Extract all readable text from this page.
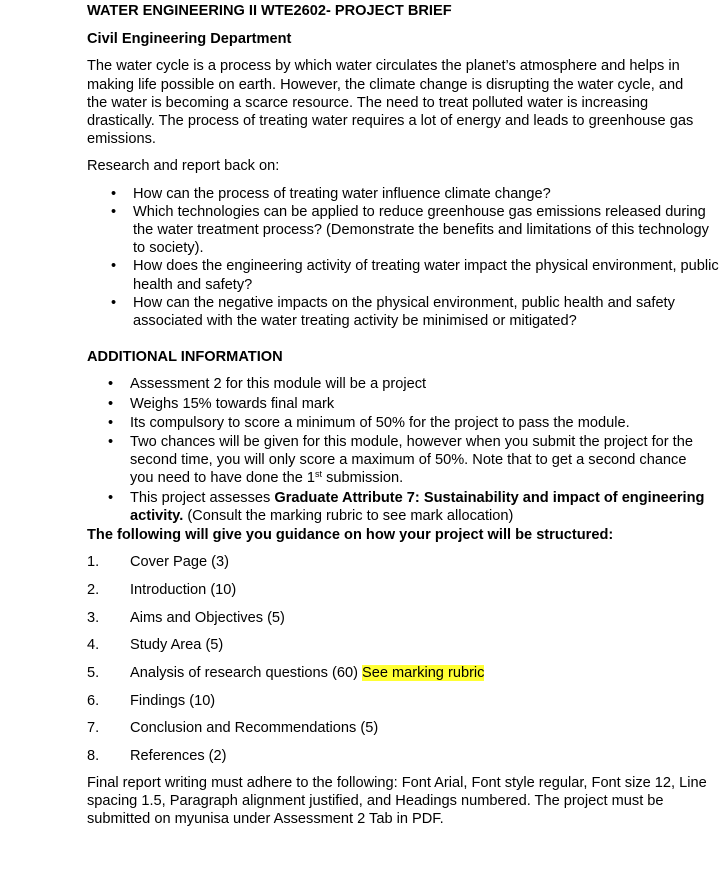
WATER ENGINEERING II WTE2602- PROJECT BRIEF
Civil Engineering Department
The water cycle is a process by which water circulates the planet’s atmosphere and helps in making life possible on earth. However, the climate change is disrupting the water cycle, and the water is becoming a scarce resource. The need to treat polluted water is increasing drastically. The process of treating water requires a lot of energy and leads to greenhouse gas emissions.
Research and report back on:
• How can the process of treating water influence climate change?
• Which technologies can be applied to reduce greenhouse gas emissions released during the water treatment process? (Demonstrate the benefits and limitations of this technology to society).
• How does the engineering activity of treating water impact the physical environment, public health and safety?
• How can the negative impacts on the physical environment, public health and safety associated with the water treating activity be minimised or mitigated?
ADDITIONAL INFORMATION
• Assessment 2 for this module will be a project
• Weighs 15% towards final mark
• Its compulsory to score a minimum of 50% for the project to pass the module.
• Two chances will be given for this module, however when you submit the project for the second time, you will only score a maximum of 50%. Note that to get a second chance you need to have done the 1st submission.
• This project assesses Graduate Attribute 7: Sustainability and impact of engineering activity. (Consult the marking rubric to see mark allocation)
The following will give you guidance on how your project will be structured:
1. Cover Page (3)
2. Introduction (10)
3. Aims and Objectives (5)
4. Study Area (5)
5. Analysis of research questions (60) See marking rubric
6. Findings (10)
7. Conclusion and Recommendations (5)
8. References (2)
Final report writing must adhere to the following: Font Arial, Font style regular, Font size 12, Line spacing 1.5, Paragraph alignment justified, and Headings numbered. The project must be submitted on myunisa under Assessment 2 Tab in PDF.
